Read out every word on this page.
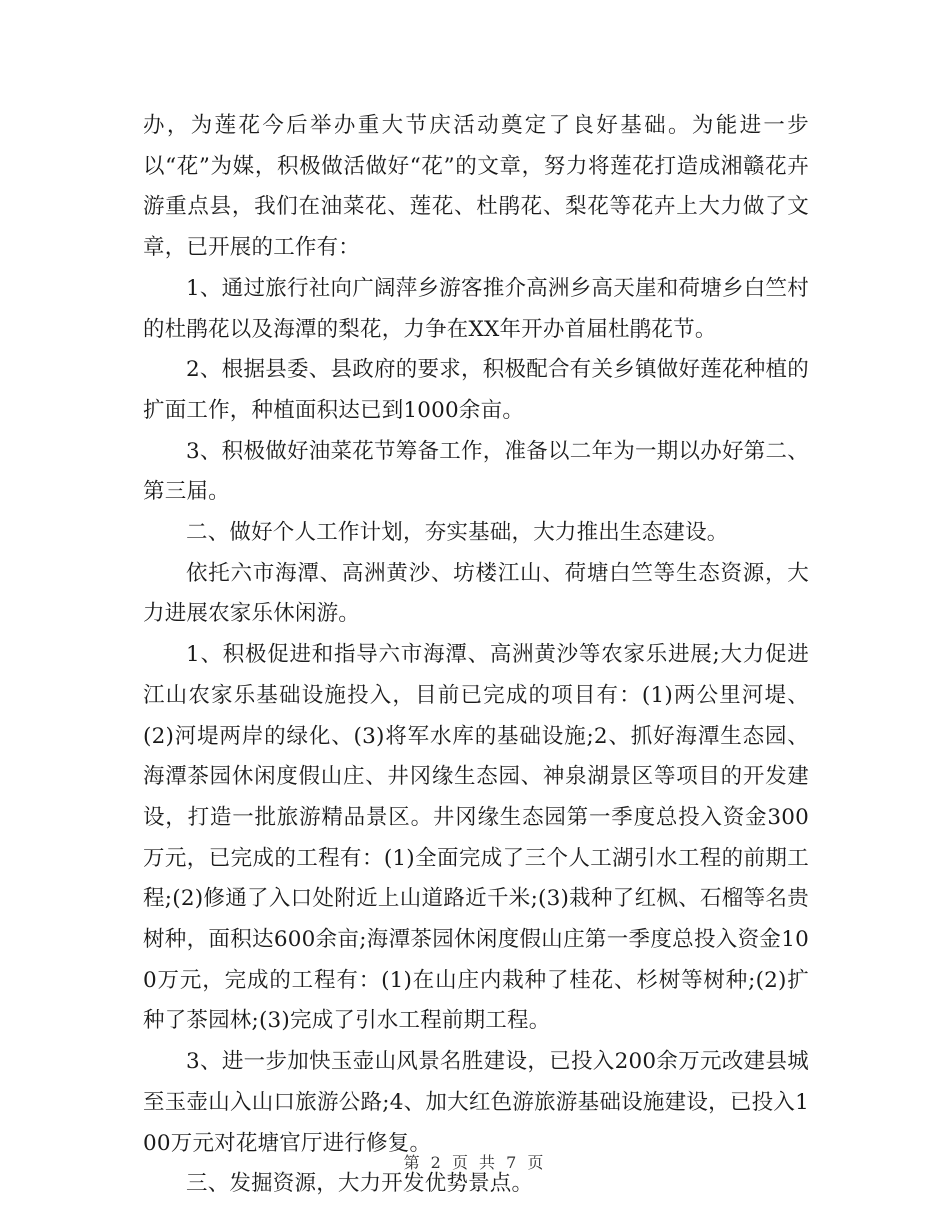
办，为莲花今后举办重大节庆活动奠定了良好基础。为能进一步以“花”为媒，积极做活做好“花”的文章，努力将莲花打造成湘赣花卉游重点县，我们在油菜花、莲花、杜鹃花、梨花等花卉上大力做了文章，已开展的工作有：

1、通过旅行社向广阔萍乡游客推介高洲乡高天崖和荷塘乡白竺村的杜鹃花以及海潭的梨花，力争在XX年开办首届杜鹃花节。

2、根据县委、县政府的要求，积极配合有关乡镇做好莲花种植的扩面工作，种植面积达已到1000余亩。

3、积极做好油菜花节筹备工作，准备以二年为一期以办好第二、第三届。

二、做好个人工作计划，夯实基础，大力推出生态建设。

依托六市海潭、高洲黄沙、坊楼江山、荷塘白竺等生态资源，大力进展农家乐休闲游。

1、积极促进和指导六市海潭、高洲黄沙等农家乐进展;大力促进江山农家乐基础设施投入，目前已完成的项目有：(1)两公里河堤、(2)河堤两岸的绿化、(3)将军水库的基础设施;2、抓好海潭生态园、海潭茶园休闲度假山庄、井冈缘生态园、神泉湖景区等项目的开发建设，打造一批旅游精品景区。井冈缘生态园第一季度总投入资金300万元，已完成的工程有：(1)全面完成了三个人工湖引水工程的前期工程;(2)修通了入口处附近上山道路近千米;(3)栽种了红枫、石榴等名贵树种，面积达600余亩;海潭茶园休闲度假山庄第一季度总投入资金100万元，完成的工程有：(1)在山庄内栽种了桂花、杉树等树种;(2)扩种了茶园林;(3)完成了引水工程前期工程。

3、进一步加快玉壶山风景名胜建设，已投入200余万元改建县城至玉壶山入山口旅游公路;4、加大红色游旅游基础设施建设，已投入100万元对花塘官厅进行修复。

三、发掘资源，大力开发优势景点。

第 2 页 共 7 页
